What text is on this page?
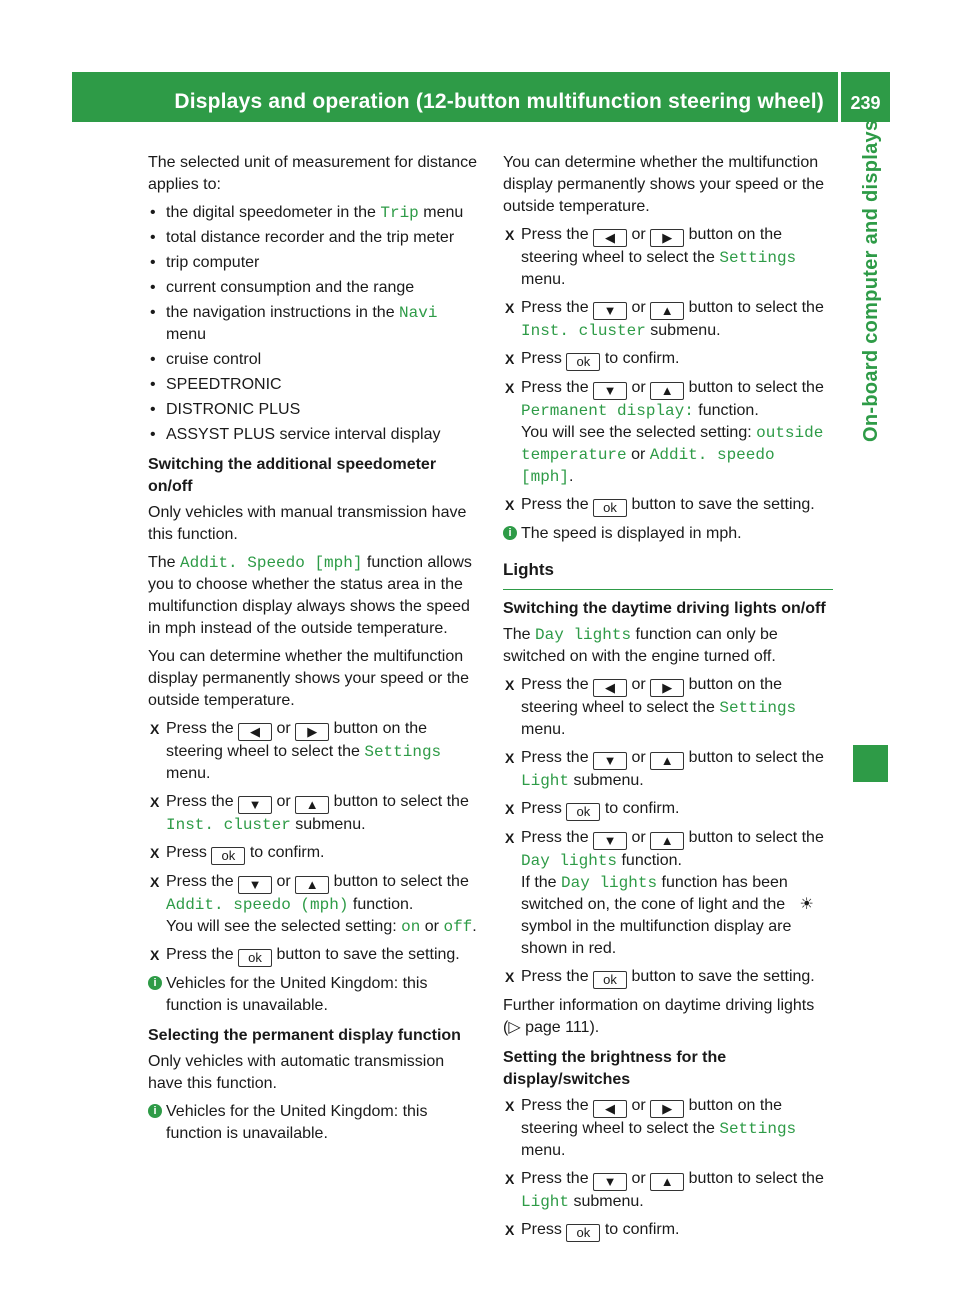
Displays and operation (12-button multifunction steering wheel)	239
On-board computer and displays

The selected unit of measurement for distance applies to:

• the digital speedometer in the Trip menu
• total distance recorder and the trip meter
• trip computer
• current consumption and the range
• the navigation instructions in the Navi
menu
• cruise control
• SPEEDTRONIC
• DISTRONIC PLUS
• ASSYST PLUS service interval display

Switching the additional speedometer on/off

Only vehicles with manual transmission have this function.

The Addit. Speedo [mph] function allows you to choose whether the status area in the multifunction display always shows the speed in mph instead of the outside temperature.

You can determine whether the multifunction display permanently shows your speed or the outside temperature.

X Press the ◀ or ▶ button on the steering wheel to select the Settings menu.
X Press the ▼ or ▲ button to select the Inst. cluster submenu.
X Press ok to confirm.
X Press the ▼ or ▲ button to select the Addit. speedo (mph) function.
You will see the selected setting: on or off.
X Press the ok button to save the setting.
i Vehicles for the United Kingdom: this function is unavailable.

Selecting the permanent display function

Only vehicles with automatic transmission have this function.

i Vehicles for the United Kingdom: this function is unavailable.

You can determine whether the multifunction display permanently shows your speed or the outside temperature.

X Press the ◀ or ▶ button on the steering wheel to select the Settings menu.
X Press the ▼ or ▲ button to select the Inst. cluster submenu.
X Press ok to confirm.
X Press the ▼ or ▲ button to select the Permanent display: function.
You will see the selected setting: outside temperature or Addit. speedo [mph].
X Press the ok button to save the setting.
i The speed is displayed in mph.

Lights

Switching the daytime driving lights on/off

The Day lights function can only be switched on with the engine turned off.

X Press the ◀ or ▶ button on the steering wheel to select the Settings menu.
X Press the ▼ or ▲ button to select the Light submenu.
X Press ok to confirm.
X Press the ▼ or ▲ button to select the Day lights function.
If the Day lights function has been switched on, the cone of light and the ☀ symbol in the multifunction display are shown in red.
X Press the ok button to save the setting.

Further information on daytime driving lights (▷ page 111).

Setting the brightness for the display/switches

X Press the ◀ or ▶ button on the steering wheel to select the Settings menu.
X Press the ▼ or ▲ button to select the Light submenu.
X Press ok to confirm.
